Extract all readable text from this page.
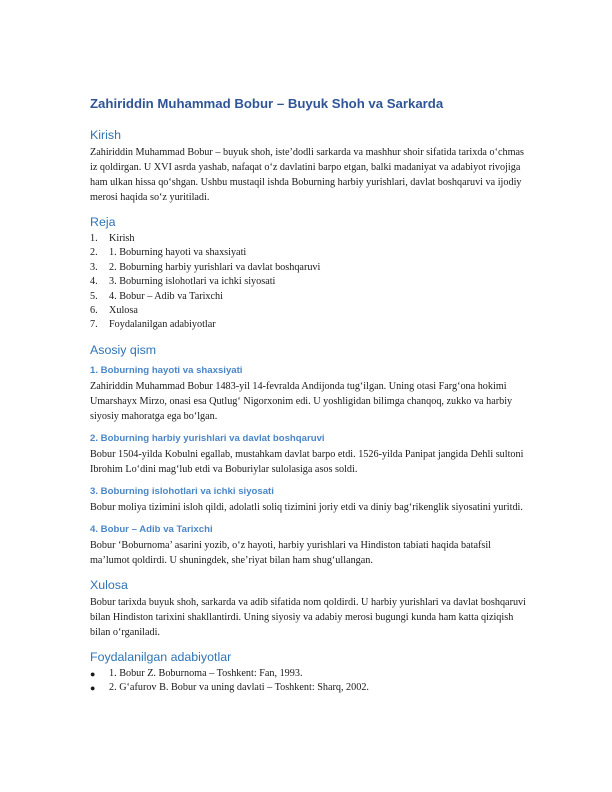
Zahiriddin Muhammad Bobur – Buyuk Shoh va Sarkarda
Kirish

Zahiriddin Muhammad Bobur – buyuk shoh, iste’dodli sarkarda va mashhur shoir sifatida tarixda o‘chmas iz qoldirgan. U XVI asrda yashab, nafaqat o‘z davlatini barpo etgan, balki madaniyat va adabiyot rivojiga ham ulkan hissa qo‘shgan. Ushbu mustaqil ishda Boburning harbiy yurishlari, davlat boshqaruvi va ijodiy merosi haqida so‘z yuritiladi.

Reja
1.	Kirish
2.	1. Boburning hayoti va shaxsiyati
3.	2. Boburning harbiy yurishlari va davlat boshqaruvi
4.	3. Boburning islohotlari va ichki siyosati
5.	4. Bobur – Adib va Tarixchi
6.	Xulosa
7.	Foydalanilgan adabiyotlar
Asosiy qism
1. Boburning hayoti va shaxsiyati

Zahiriddin Muhammad Bobur 1483-yil 14-fevralda Andijonda tug‘ilgan. Uning otasi Farg‘ona hokimi Umarshayx Mirzo, onasi esa Qutlug‘ Nigorxonim edi. U yoshligidan bilimga chanqoq, zukko va harbiy siyosiy mahoratga ega bo‘lgan.

2. Boburning harbiy yurishlari va davlat boshqaruvi

Bobur 1504-yilda Kobulni egallab, mustahkam davlat barpo etdi. 1526-yilda Panipat jangida Dehli sultoni Ibrohim Lo‘dini mag‘lub etdi va Boburiylar sulolasiga asos soldi.

3. Boburning islohotlari va ichki siyosati

Bobur moliya tizimini isloh qildi, adolatli soliq tizimini joriy etdi va diniy bag‘rikenglik siyosatini yuritdi.

4. Bobur – Adib va Tarixchi

Bobur ‘Boburnoma’ asarini yozib, o‘z hayoti, harbiy yurishlari va Hindiston tabiati haqida batafsil ma’lumot qoldirdi. U shuningdek, she’riyat bilan ham shug‘ullangan.

Xulosa

Bobur tarixda buyuk shoh, sarkarda va adib sifatida nom qoldirdi. U harbiy yurishlari va davlat boshqaruvi bilan Hindiston tarixini shakllantirdi. Uning siyosiy va adabiy merosi bugungi kunda ham katta qiziqish bilan o‘rganiladi.

Foydalanilgan adabiyotlar
●	1. Bobur Z. Boburnoma – Toshkent: Fan, 1993.
●	2. G‘afurov B. Bobur va uning davlati – Toshkent: Sharq, 2002.
